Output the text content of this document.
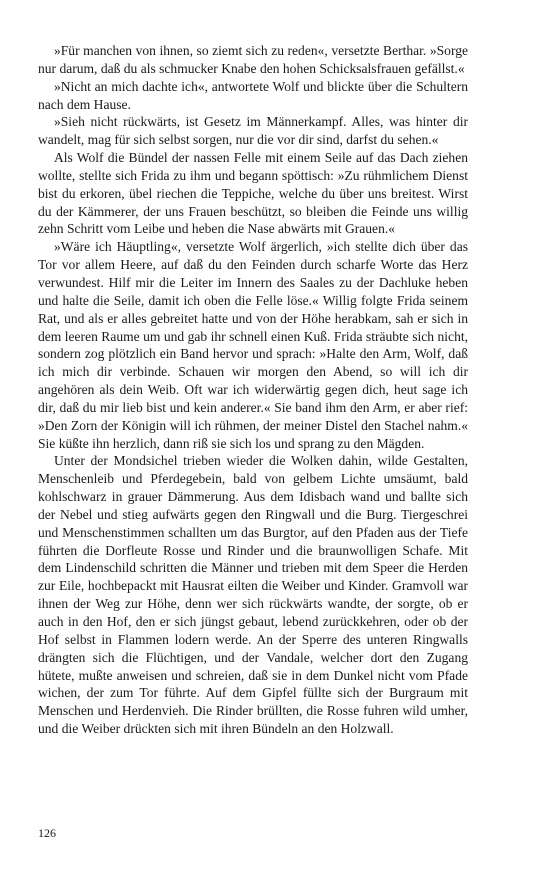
»Für manchen von ihnen, so ziemt sich zu reden«, versetzte Berthar. »Sorge nur darum, daß du als schmucker Knabe den hohen Schicksalsfrauen gefällst.«

»Nicht an mich dachte ich«, antwortete Wolf und blickte über die Schultern nach dem Hause.

»Sieh nicht rückwärts, ist Gesetz im Männerkampf. Alles, was hinter dir wandelt, mag für sich selbst sorgen, nur die vor dir sind, darfst du sehen.«

Als Wolf die Bündel der nassen Felle mit einem Seile auf das Dach ziehen wollte, stellte sich Frida zu ihm und begann spöttisch: »Zu rühmlichem Dienst bist du erkoren, übel riechen die Teppiche, welche du über uns breitest. Wirst du der Kämmerer, der uns Frauen beschützt, so bleiben die Feinde uns willig zehn Schritt vom Leibe und heben die Nase abwärts mit Grauen.«

»Wäre ich Häuptling«, versetzte Wolf ärgerlich, »ich stellte dich über das Tor vor allem Heere, auf daß du den Feinden durch scharfe Worte das Herz verwundest. Hilf mir die Leiter im Innern des Saales zu der Dachluke heben und halte die Seile, damit ich oben die Felle löse.« Willig folgte Frida seinem Rat, und als er alles gebreitet hatte und von der Höhe herabkam, sah er sich in dem leeren Raume um und gab ihr schnell einen Kuß. Frida sträubte sich nicht, sondern zog plötzlich ein Band hervor und sprach: »Halte den Arm, Wolf, daß ich mich dir verbinde. Schauen wir morgen den Abend, so will ich dir angehören als dein Weib. Oft war ich widerwärtig gegen dich, heut sage ich dir, daß du mir lieb bist und kein anderer.« Sie band ihm den Arm, er aber rief: »Den Zorn der Königin will ich rühmen, der meiner Distel den Stachel nahm.« Sie küßte ihn herzlich, dann riß sie sich los und sprang zu den Mägden.

Unter der Mondsichel trieben wieder die Wolken dahin, wilde Gestalten, Menschenleib und Pferdegebein, bald von gelbem Lichte umsäumt, bald kohlschwarz in grauer Dämmerung. Aus dem Idisbach wand und ballte sich der Nebel und stieg aufwärts gegen den Ringwall und die Burg. Tiergeschrei und Menschenstimmen schallten um das Burgtor, auf den Pfaden aus der Tiefe führten die Dorfleute Rosse und Rinder und die braunwolligen Schafe. Mit dem Lindenschild schritten die Männer und trieben mit dem Speer die Herden zur Eile, hochbepackt mit Hausrat eilten die Weiber und Kinder. Gramvoll war ihnen der Weg zur Höhe, denn wer sich rückwärts wandte, der sorgte, ob er auch in den Hof, den er sich jüngst gebaut, lebend zurückkehren, oder ob der Hof selbst in Flammen lodern werde. An der Sperre des unteren Ringwalls drängten sich die Flüchtigen, und der Vandale, welcher dort den Zugang hütete, mußte anweisen und schreien, daß sie in dem Dunkel nicht vom Pfade wichen, der zum Tor führte. Auf dem Gipfel füllte sich der Burgraum mit Menschen und Herdenvieh. Die Rinder brüllten, die Rosse fuhren wild umher, und die Weiber drückten sich mit ihren Bündeln an den Holzwall.

126
